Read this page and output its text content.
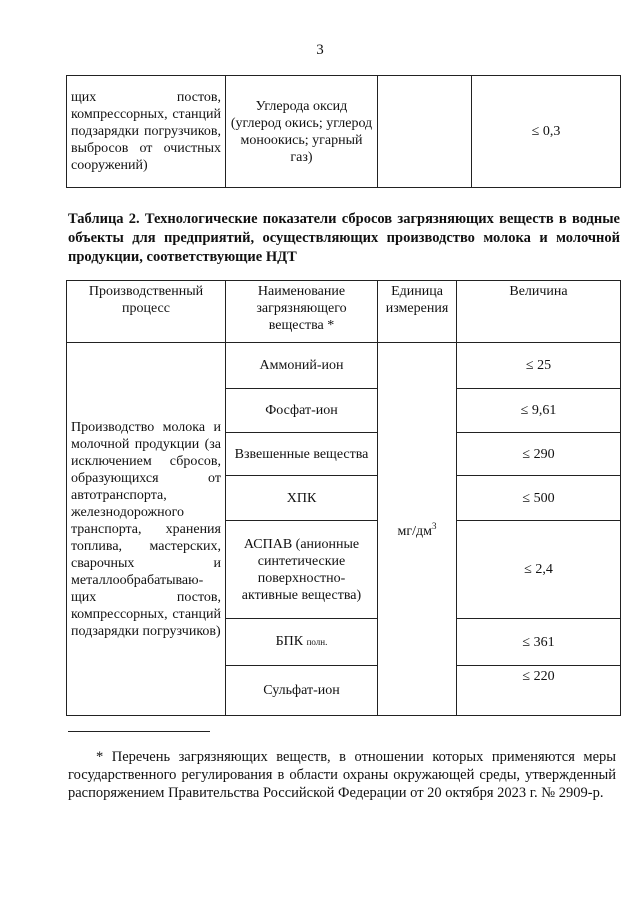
3
щих постов, компрессорных, станций подзарядки погрузчиков, выбросов от очистных сооружений)	Углерода оксид (углерод окись; углерод моноокись; угарный газ)		≤ 0,3
Таблица 2. Технологические показатели сбросов загрязняющих веществ в водные объекты для предприятий, осуществляющих производство молока и молочной продукции, соответствующие НДТ
Производственный процесс	Наименование загрязняющего вещества *	Единица измерения	Величина
Производство молока и молочной продукции (за исключением сбросов, образующихся от автотранспорта, железнодорожного транспорта, хранения топлива, мастерских, сварочных и металлообрабатываю-щих постов, компрессорных, станций подзарядки погрузчиков)	Аммоний-ион	$мг/дм^3$	≤ 25
	Фосфат-ион		≤ 9,61
	Взвешенные вещества		≤ 290
	ХПК		≤ 500
	АСПАВ (анионные синтетические поверхностно-активные вещества)		≤ 2,4
	БПК полн.		≤ 361
	Сульфат-ион		≤ 220
* Перечень загрязняющих веществ, в отношении которых применяются меры государственного регулирования в области охраны окружающей среды, утвержденный распоряжением Правительства Российской Федерации от 20 октября 2023 г. № 2909-р.
